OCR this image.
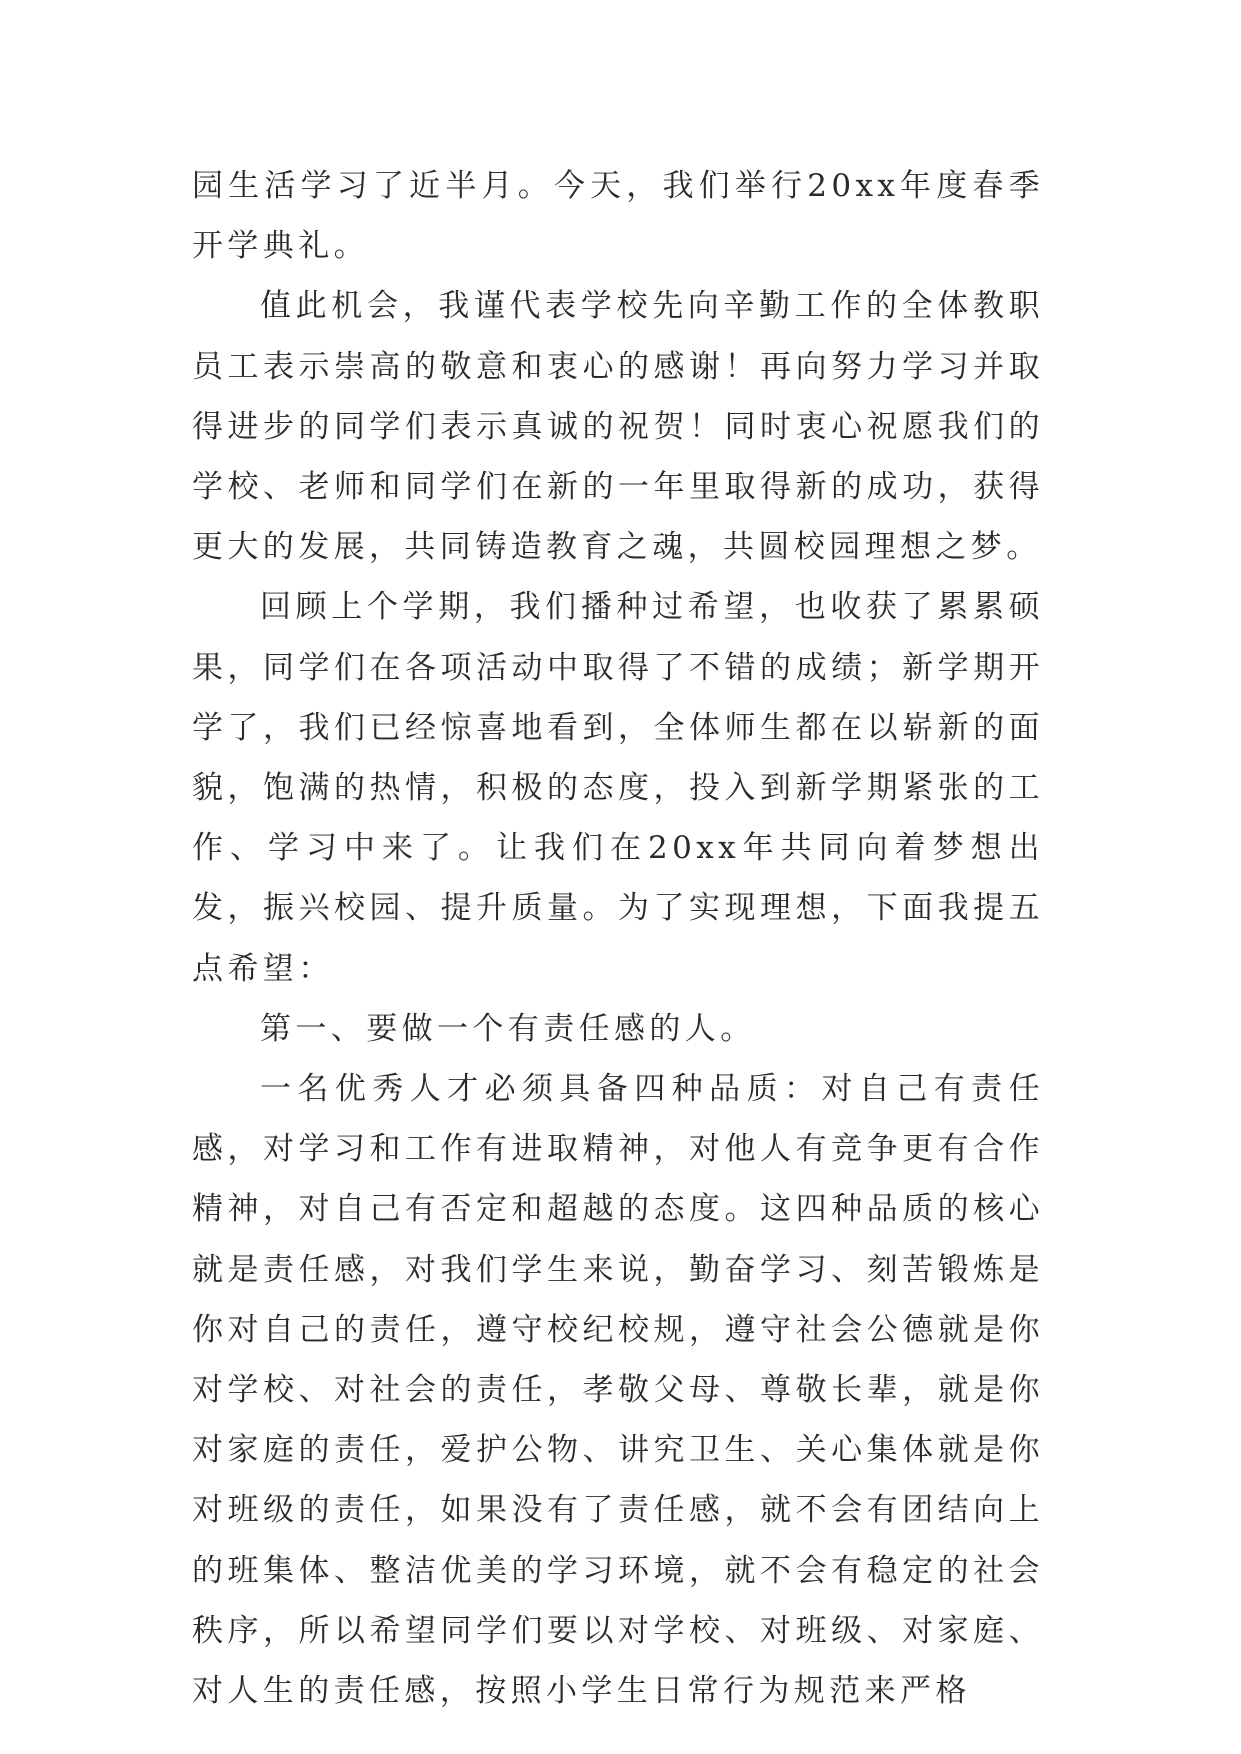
园生活学习了近半月。今天，我们举行20xx年度春季开学典礼。

值此机会，我谨代表学校先向辛勤工作的全体教职员工表示崇高的敬意和衷心的感谢！再向努力学习并取得进步的同学们表示真诚的祝贺！同时衷心祝愿我们的学校、老师和同学们在新的一年里取得新的成功，获得更大的发展，共同铸造教育之魂，共圆校园理想之梦。

回顾上个学期，我们播种过希望，也收获了累累硕果，同学们在各项活动中取得了不错的成绩；新学期开学了，我们已经惊喜地看到，全体师生都在以崭新的面貌，饱满的热情，积极的态度，投入到新学期紧张的工作、学习中来了。让我们在20xx年共同向着梦想出发，振兴校园、提升质量。为了实现理想，下面我提五点希望：

第一、要做一个有责任感的人。

一名优秀人才必须具备四种品质：对自己有责任感，对学习和工作有进取精神，对他人有竞争更有合作精神，对自己有否定和超越的态度。这四种品质的核心就是责任感，对我们学生来说，勤奋学习、刻苦锻炼是你对自己的责任，遵守校纪校规，遵守社会公德就是你对学校、对社会的责任，孝敬父母、尊敬长辈，就是你对家庭的责任，爱护公物、讲究卫生、关心集体就是你对班级的责任，如果没有了责任感，就不会有团结向上的班集体、整洁优美的学习环境，就不会有稳定的社会秩序，所以希望同学们要以对学校、对班级、对家庭、对人生的责任感，按照小学生日常行为规范来严格
